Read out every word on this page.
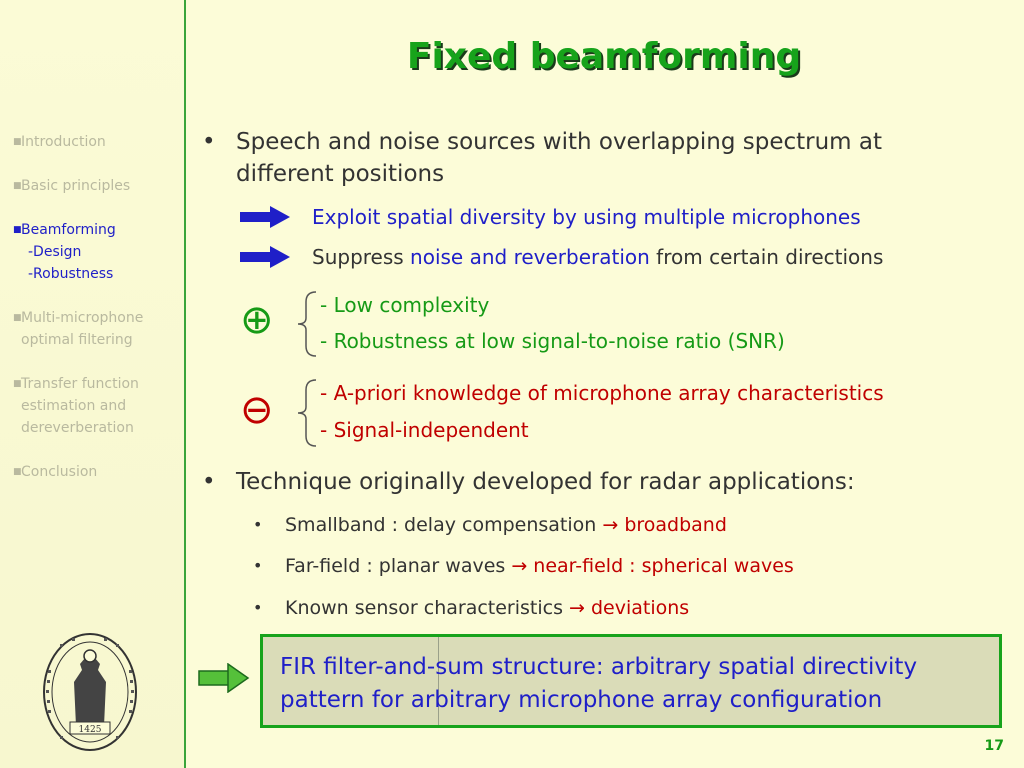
■ Introduction
■ Basic principles
■ Beamforming
-Design
-Robustness
■ Multi-microphone
optimal filtering
■ Transfer function
estimation and
dereverberation
■ Conclusion
1425
Fixed beamforming
• Speech and noise sources with overlapping spectrum at
different positions
Exploit spatial diversity by using multiple microphones
Suppress noise and reverberation from certain directions
⊕ - Low complexity
- Robustness at low signal-to-noise ratio (SNR)
⊖ - A-priori knowledge of microphone array characteristics
- Signal-independent
• Technique originally developed for radar applications:
• Smallband : delay compensation → broadband
• Far-field : planar waves → near-field : spherical waves
• Known sensor characteristics → deviations
FIR filter-and-sum structure: arbitrary spatial directivity
pattern for arbitrary microphone array configuration
17
